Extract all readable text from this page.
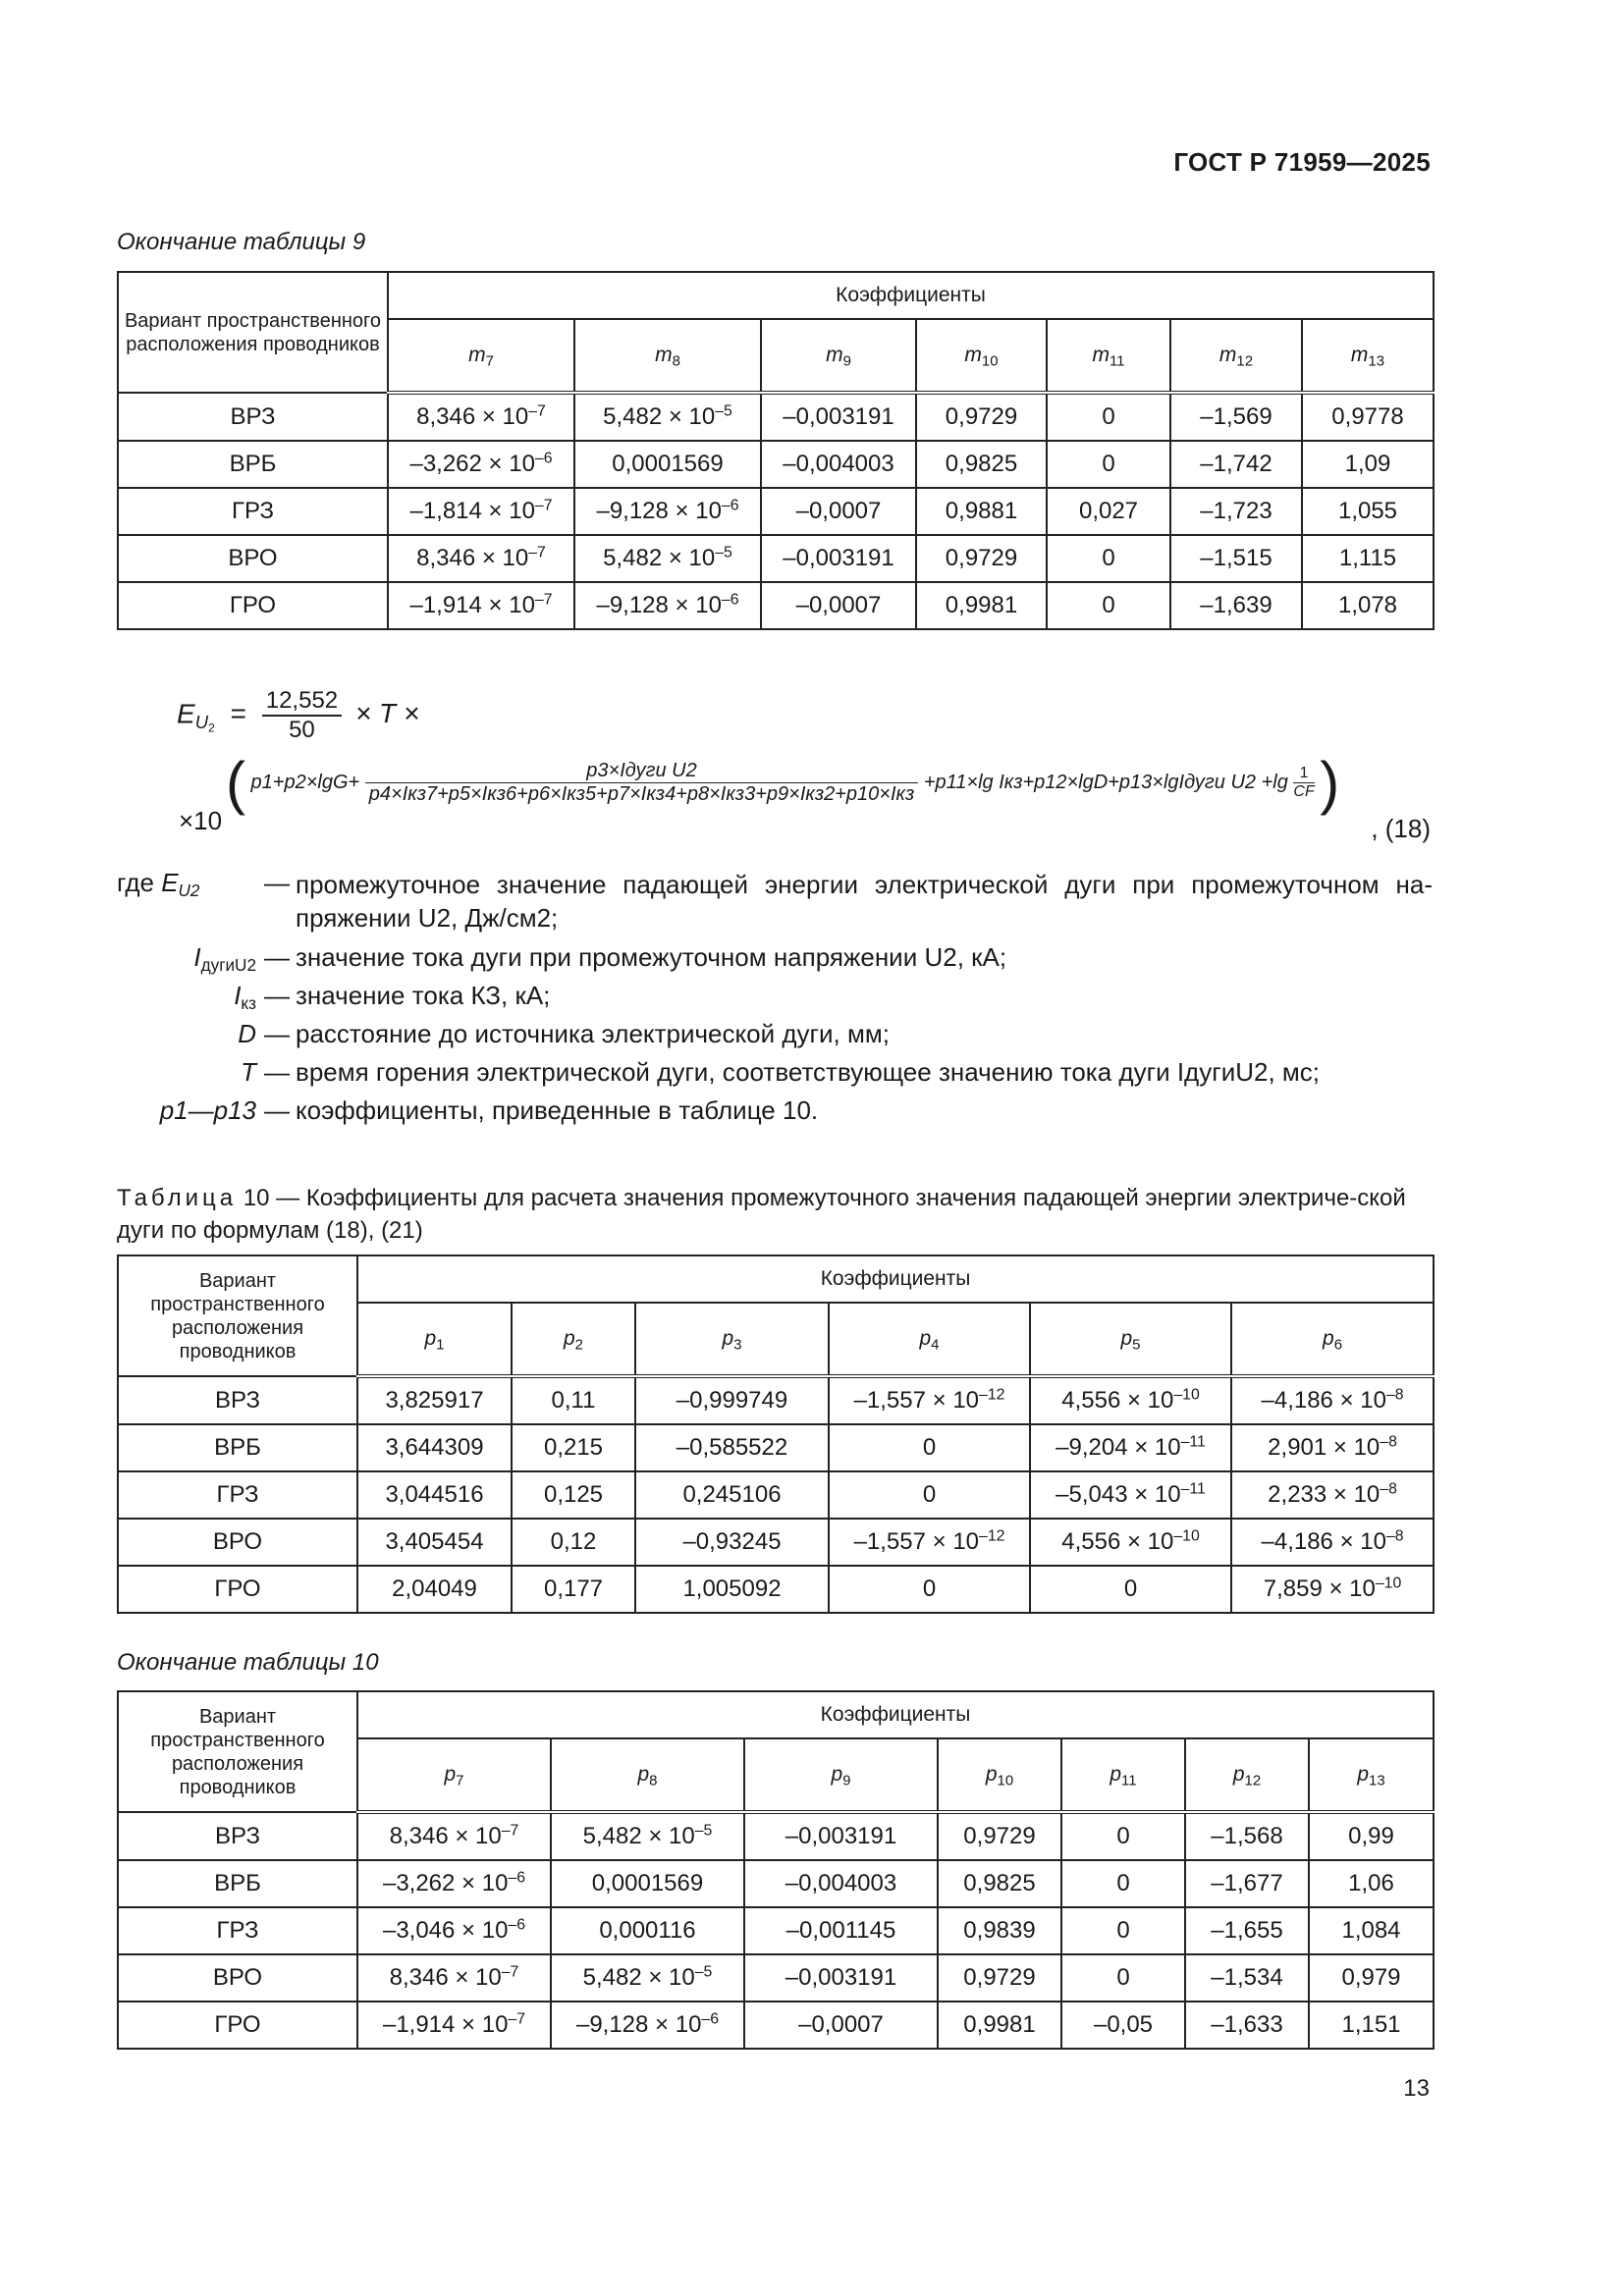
ГОСТ Р 71959—2025
Окончание таблицы 9
Вариант пространственного расположения проводников	Коэффициенты						
	$m_7$	$m_8$	$m_9$	$m_{10}$	$m_{11}$	$m_{12}$	$m_{13}$
ВРЗ	$8,346 \times 10^{-7}$	$5,482 \times 10^{-5}$	–0,003191	0,9729	0	–1,569	0,9778
ВРБ	$-3,262 \times 10^{-6}$	0,0001569	–0,004003	0,9825	0	–1,742	1,09
ГРЗ	$-1,814 \times 10^{-7}$	$-9,128 \times 10^{-6}$	–0,0007	0,9881	0,027	–1,723	1,055
ВРО	$8,346 \times 10^{-7}$	$5,482 \times 10^{-5}$	–0,003191	0,9729	0	–1,515	1,115
ГРО	$-1,914 \times 10^{-7}$	$-9,128 \times 10^{-6}$	–0,0007	0,9981	0	–1,639	1,078
$E_{U_2} = \frac{12,552}{50} \times T$ ×
×10
( p1+p2×lgG+
p3×Iдуги U2
p4×Iкз7+p5×Iкз6+p6×Iкз5+p7×Iкз4+p8×Iкз3+p9×Iкз2+p10×Iкз
+p11×lg Iкз+p12×lgD+p13×lgIдуги $U2 +\lg \frac{1}{CF}$ )
, (18)
где $E_{U2}$	—	промежуточное значение падающей энергии электрической дуги при промежуточном на-пряжении U2, Дж/см2;
$I_{дугиU2}$	—	значение тока дуги при промежуточном напряжении U2, кА;
$I_{кз}$	—	значение тока КЗ, кА;
D	—	расстояние до источника электрической дуги, мм;
T	—	время горения электрической дуги, соответствующее значению тока дуги IдугиU2, мс;
p1—p13	—	коэффициенты, приведенные в таблице 10.
Таблица 10 — Коэффициенты для расчета значения промежуточного значения падающей энергии электриче-ской дуги по формулам (18), (21)
Вариант пространственного расположения проводников	Коэффициенты					
	$p_1$	$p_2$	$p_3$	$p_4$	$p_5$	$p_6$
ВРЗ	3,825917	0,11	–0,999749	$-1,557 \times 10^{-12}$	$4,556 \times 10^{-10}$	$-4,186 \times 10^{-8}$
ВРБ	3,644309	0,215	–0,585522	0	$-9,204 \times 10^{-11}$	$2,901 \times 10^{-8}$
ГРЗ	3,044516	0,125	0,245106	0	$-5,043 \times 10^{-11}$	$2,233 \times 10^{-8}$
ВРО	3,405454	0,12	–0,93245	$-1,557 \times 10^{-12}$	$4,556 \times 10^{-10}$	$-4,186 \times 10^{-8}$
ГРО	2,04049	0,177	1,005092	0	0	$7,859 \times 10^{-10}$
Окончание таблицы 10
Вариант пространственного расположения проводников	Коэффициенты						
	$p_7$	$p_8$	$p_9$	$p_{10}$	$p_{11}$	$p_{12}$	$p_{13}$
ВРЗ	$8,346 \times 10^{-7}$	$5,482 \times 10^{-5}$	–0,003191	0,9729	0	–1,568	0,99
ВРБ	$-3,262 \times 10^{-6}$	0,0001569	–0,004003	0,9825	0	–1,677	1,06
ГРЗ	$-3,046 \times 10^{-6}$	0,000116	–0,001145	0,9839	0	–1,655	1,084
ВРО	$8,346 \times 10^{-7}$	$5,482 \times 10^{-5}$	–0,003191	0,9729	0	–1,534	0,979
ГРО	$-1,914 \times 10^{-7}$	$-9,128 \times 10^{-6}$	–0,0007	0,9981	–0,05	–1,633	1,151
13
